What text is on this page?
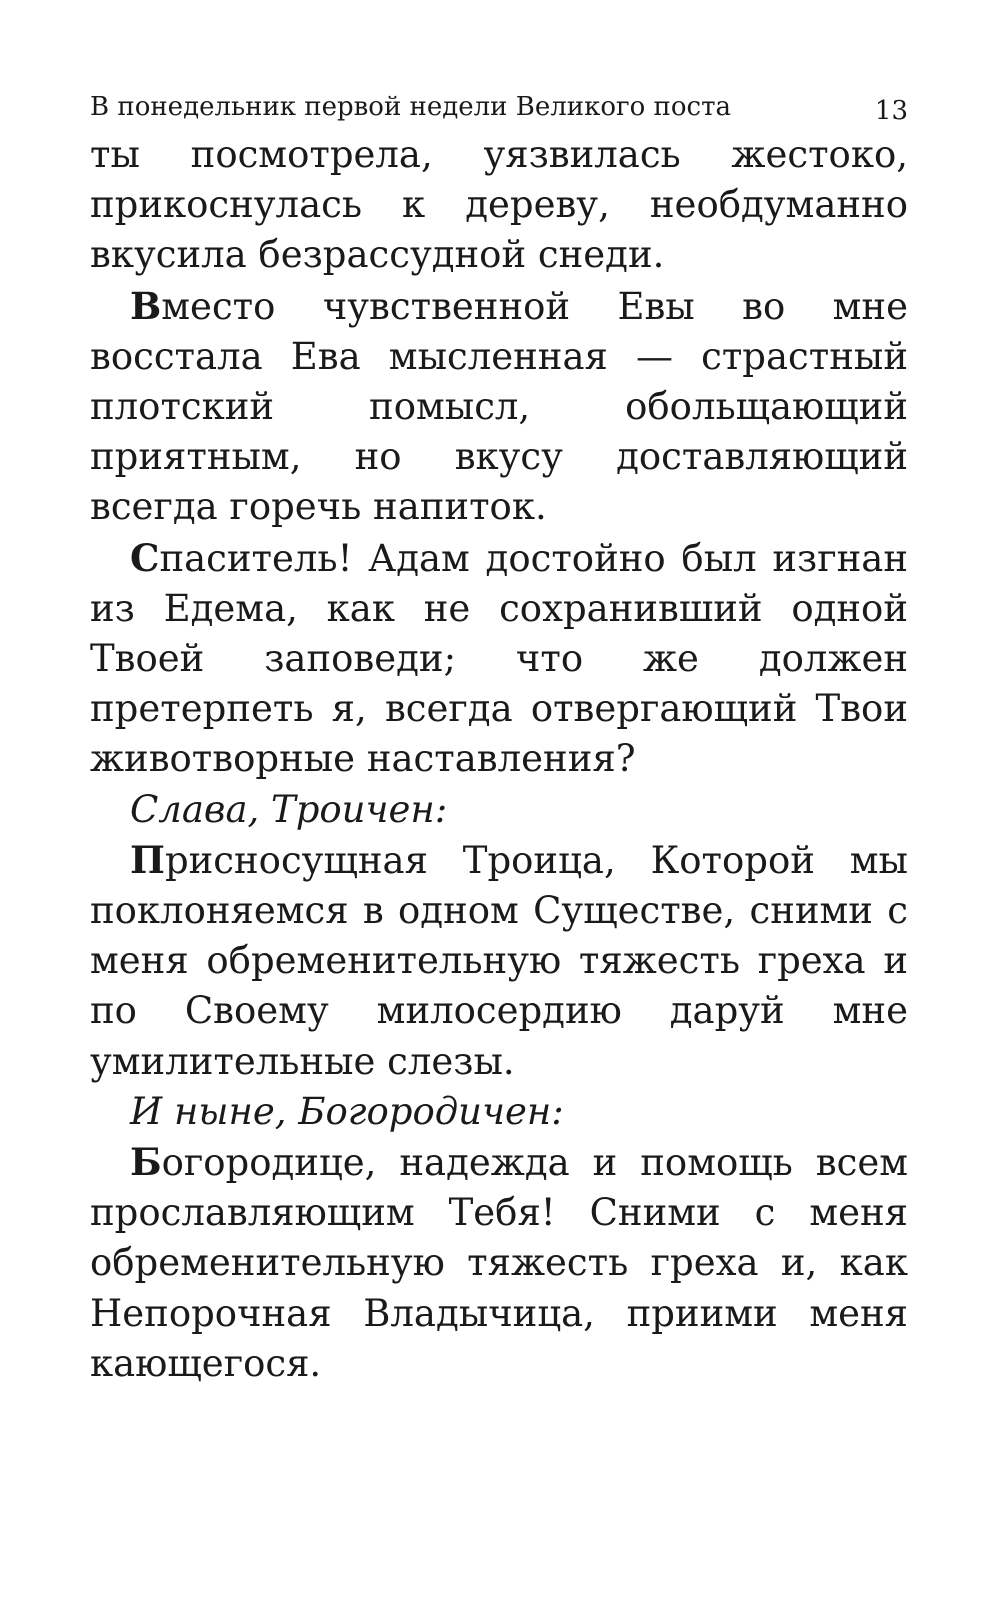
В понедельник первой недели Великого поста	13

ты посмотрела, уязвилась жестоко, прикоснулась к дереву, необдуманно вкусила безрассудной снеди.

Вместо чувственной Евы во мне восстала Ева мысленная — страстный плотский помысл, обольщающий приятным, но вкусу доставляющий всегда горечь напиток.

Спаситель! Адам достойно был изгнан из Едема, как не сохранивший одной Твоей заповеди; что же должен претерпеть я, всегда отвергающий Твои животворные наставления?

Слава, Троичен:

Присносущная Троица, Которой мы поклоняемся в одном Существе, сними с меня обременительную тяжесть греха и по Своему милосердию даруй мне умилительные слезы.

И ныне, Богородичен:

Богородице, надежда и помощь всем прославляющим Тебя! Сними с меня обременительную тяжесть греха и, как Непорочная Владычица, приими меня кающегося.
